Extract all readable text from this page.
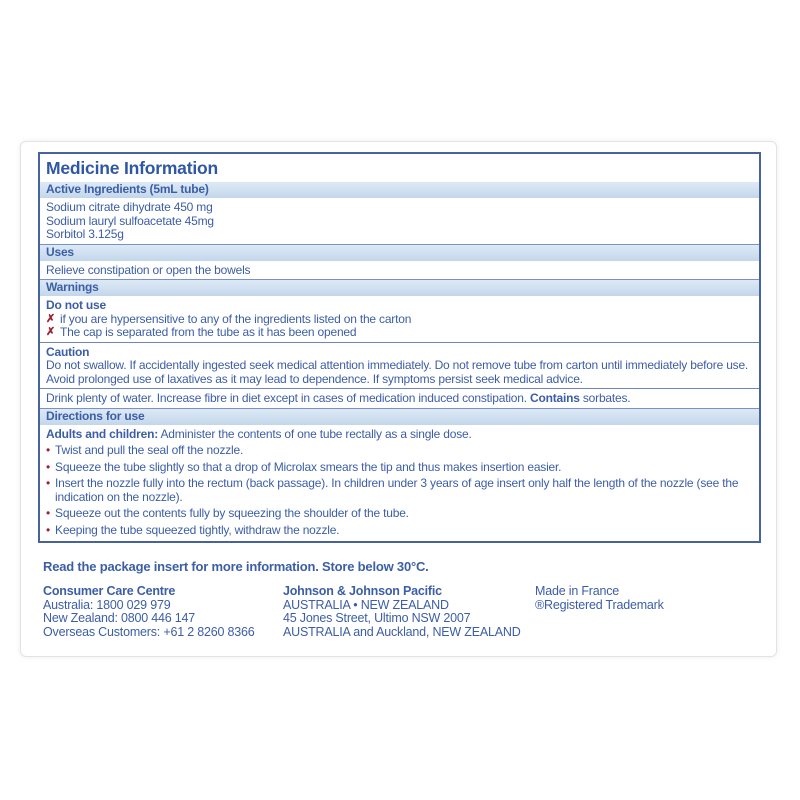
Medicine Information
Active Ingredients (5mL tube)
Sodium citrate dihydrate 450 mg
Sodium lauryl sulfoacetate 45mg
Sorbitol 3.125g
Uses
Relieve constipation or open the bowels
Warnings
Do not use
✗ if you are hypersensitive to any of the ingredients listed on the carton
✗ The cap is separated from the tube as it has been opened
Caution
Do not swallow. If accidentally ingested seek medical attention immediately. Do not remove tube from carton until immediately before use. Avoid prolonged use of laxatives as it may lead to dependence. If symptoms persist seek medical advice.
Drink plenty of water. Increase fibre in diet except in cases of medication induced constipation. Contains sorbates.
Directions for use
Adults and children: Administer the contents of one tube rectally as a single dose.
• Twist and pull the seal off the nozzle.
• Squeeze the tube slightly so that a drop of Microlax smears the tip and thus makes insertion easier.
• Insert the nozzle fully into the rectum (back passage). In children under 3 years of age insert only half the length of the nozzle (see the indication on the nozzle).
• Squeeze out the contents fully by squeezing the shoulder of the tube.
• Keeping the tube squeezed tightly, withdraw the nozzle.
Read the package insert for more information. Store below 30°C.
Consumer Care Centre
Australia: 1800 029 979
New Zealand: 0800 446 147
Overseas Customers: +61 2 8260 8366
Johnson & Johnson Pacific
AUSTRALIA • NEW ZEALAND
45 Jones Street, Ultimo NSW 2007
AUSTRALIA and Auckland, NEW ZEALAND
Made in France
®Registered Trademark
